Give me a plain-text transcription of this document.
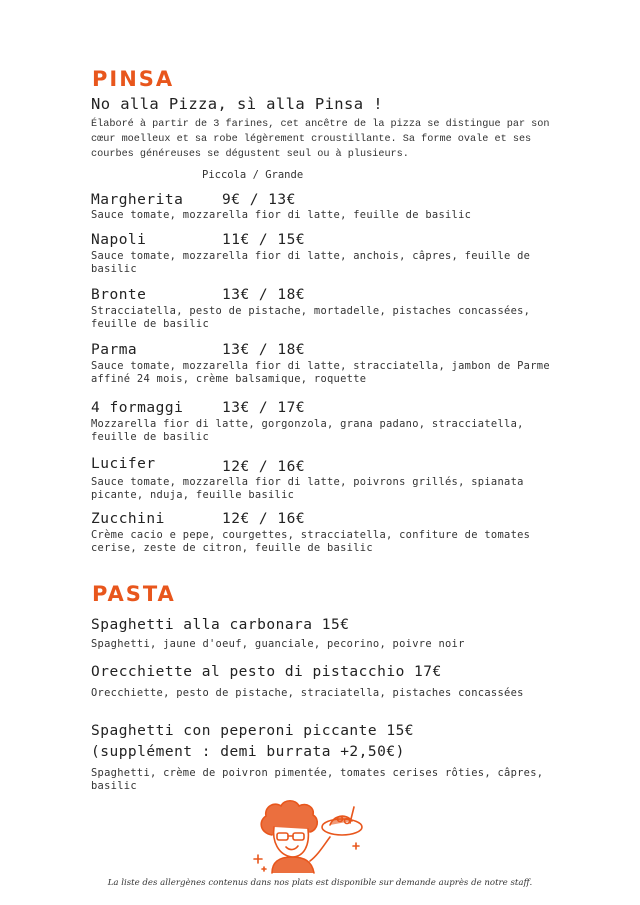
PINSA
No alla Pizza, sì alla Pinsa !
Élaboré à partir de 3 farines, cet ancêtre de la pizza se distingue par son cœur moelleux et sa robe légèrement croustillante. Sa forme ovale et ses courbes généreuses se dégustent seul ou à plusieurs.
Piccola / Grande
Margherita	9€ / 13€
Sauce tomate, mozzarella fior di latte, feuille de basilic
Napoli	11€ / 15€
Sauce tomate, mozzarella fior di latte, anchois, câpres, feuille de basilic
Bronte	13€ / 18€
Stracciatella, pesto de pistache, mortadelle, pistaches concassées, feuille de basilic
Parma	13€ / 18€
Sauce tomate, mozzarella fior di latte, stracciatella, jambon de Parme affiné 24 mois, crème balsamique, roquette
4 formaggi	13€ / 17€
Mozzarella fior di latte, gorgonzola, grana padano, stracciatella, feuille de basilic
Lucifer	12€ / 16€
Sauce tomate, mozzarella fior di latte, poivrons grillés, spianata picante, nduja, feuille basilic
Zucchini	12€ / 16€
Crème cacio e pepe, courgettes, stracciatella, confiture de tomates cerise, zeste de citron, feuille de basilic
PASTA
Spaghetti alla carbonara 15€
Spaghetti, jaune d'oeuf, guanciale, pecorino, poivre noir
Orecchiette al pesto di pistacchio 17€
Orecchiette, pesto de pistache, straciatella, pistaches concassées
Spaghetti con peperoni piccante 15€
(supplément : demi burrata +2,50€)
Spaghetti, crème de poivron pimentée, tomates cerises rôties, câpres, basilic
La liste des allergènes contenus dans nos plats est disponible sur demande auprès de notre staff.
